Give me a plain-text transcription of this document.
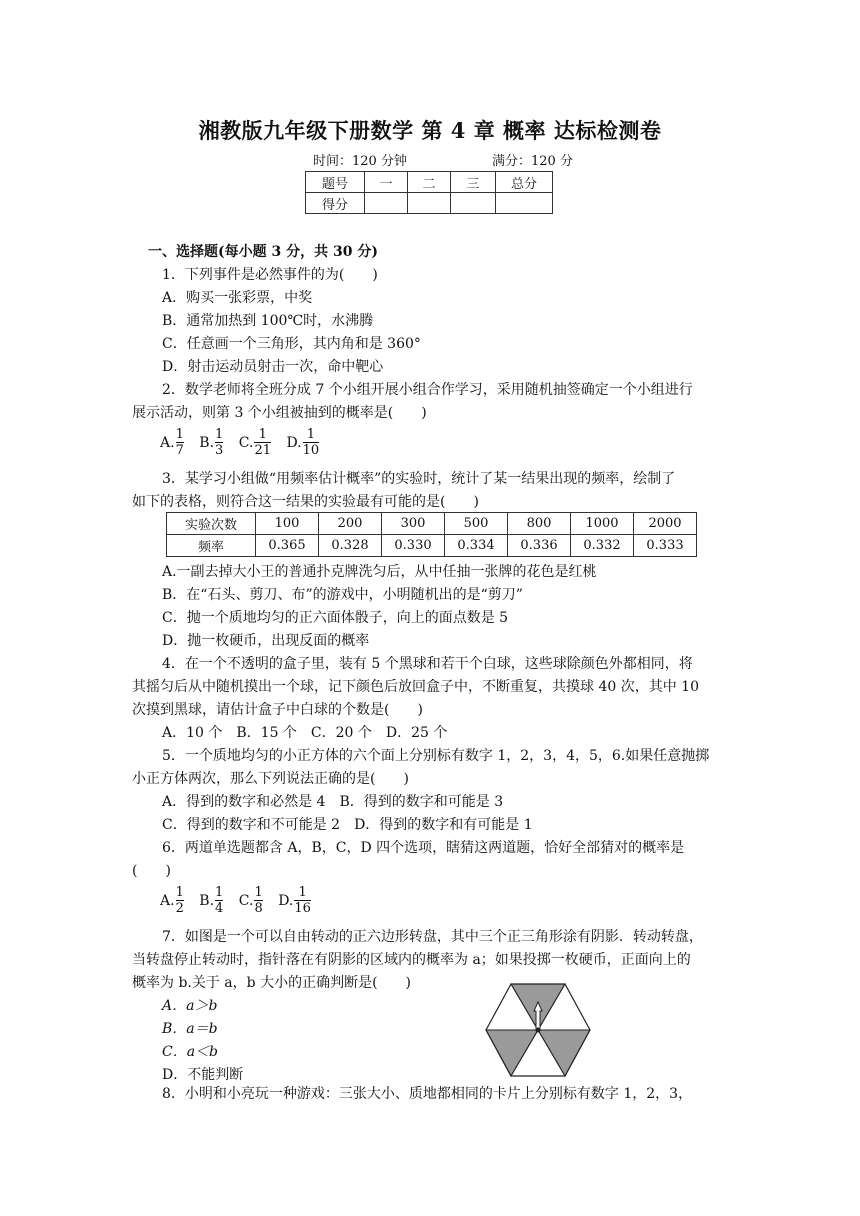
湘教版九年级下册数学 第 4 章 概率 达标检测卷
时间：120 分钟	满分：120 分
题号	一	二	三	总分
得分				
一、选择题(每小题 3 分，共 30 分)
1．下列事件是必然事件的为(　　)
A．购买一张彩票，中奖
B．通常加热到 100℃时，水沸腾
C．任意画一个三角形，其内角和是 360°
D．射击运动员射击一次，命中靶心
2．数学老师将全班分成 7 个小组开展小组合作学习，采用随机抽签确定一个小组进行
展示活动，则第 3 个小组被抽到的概率是(　　)
A. $\frac{1}{7} B$. $\frac{1}{3} C$. $\frac{1}{21} D$. $\frac{1}{10}$
3．某学习小组做“用频率估计概率”的实验时，统计了某一结果出现的频率，绘制了
如下的表格，则符合这一结果的实验最有可能的是(　　)
实验次数	100	200	300	500	800	1000	2000
频率	0.365	0.328	0.330	0.334	0.336	0.332	0.333
A.一副去掉大小王的普通扑克牌洗匀后，从中任抽一张牌的花色是红桃
B．在“石头、剪刀、布”的游戏中，小明随机出的是“剪刀”
C．抛一个质地均匀的正六面体骰子，向上的面点数是 5
D．抛一枚硬币，出现反面的概率
4．在一个不透明的盒子里，装有 5 个黑球和若干个白球，这些球除颜色外都相同，将
其摇匀后从中随机摸出一个球，记下颜色后放回盒子中，不断重复，共摸球 40 次，其中 10
次摸到黑球，请估计盒子中白球的个数是(　　)
A．10 个　B．15 个　C．20 个　D．25 个
5．一个质地均匀的小正方体的六个面上分别标有数字 1，2，3，4，5，6.如果任意抛掷
小正方体两次，那么下列说法正确的是(　　)
A．得到的数字和必然是 4　B．得到的数字和可能是 3
C．得到的数字和不可能是 2　D．得到的数字和有可能是 1
6．两道单选题都含 A，B，C，D 四个选项，瞎猜这两道题，恰好全部猜对的概率是
(　　)
A. $\frac{1}{2} B$. $\frac{1}{4} C$. $\frac{1}{8} D$. $\frac{1}{16}$
7．如图是一个可以自由转动的正六边形转盘，其中三个正三角形涂有阴影．转动转盘，
当转盘停止转动时，指针落在有阴影的区域内的概率为 a；如果投掷一枚硬币，正面向上的
概率为 b.关于 a，b 大小的正确判断是(　　)
A．a＞b
B．a＝b
C．a＜b
D．不能判断
8．小明和小亮玩一种游戏：三张大小、质地都相同的卡片上分别标有数字 1，2，3，
